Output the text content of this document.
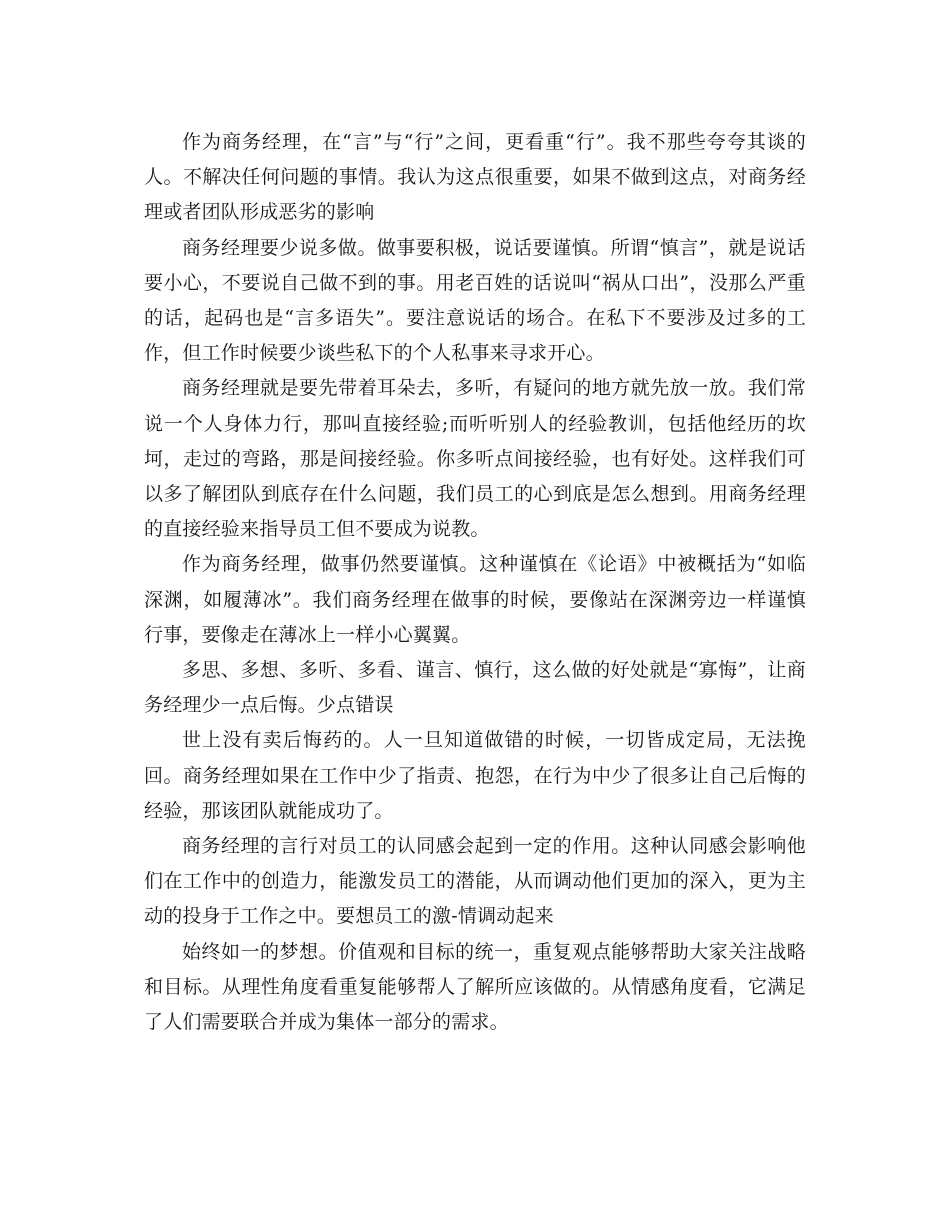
作为商务经理，在“言”与“行”之间，更看重“行”。我不那些夸夸其谈的人。不解决任何问题的事情。我认为这点很重要，如果不做到这点，对商务经理或者团队形成恶劣的影响

商务经理要少说多做。做事要积极，说话要谨慎。所谓“慎言”，就是说话要小心，不要说自己做不到的事。用老百姓的话说叫“祸从口出”，没那么严重的话，起码也是“言多语失”。要注意说话的场合。在私下不要涉及过多的工作，但工作时候要少谈些私下的个人私事来寻求开心。

商务经理就是要先带着耳朵去，多听，有疑问的地方就先放一放。我们常说一个人身体力行，那叫直接经验;而听听别人的经验教训，包括他经历的坎坷，走过的弯路，那是间接经验。你多听点间接经验，也有好处。这样我们可以多了解团队到底存在什么问题，我们员工的心到底是怎么想到。用商务经理的直接经验来指导员工但不要成为说教。

作为商务经理，做事仍然要谨慎。这种谨慎在《论语》中被概括为“如临深渊，如履薄冰”。我们商务经理在做事的时候，要像站在深渊旁边一样谨慎行事，要像走在薄冰上一样小心翼翼。

多思、多想、多听、多看、谨言、慎行，这么做的好处就是“寡悔”，让商务经理少一点后悔。少点错误

世上没有卖后悔药的。人一旦知道做错的时候，一切皆成定局，无法挽回。商务经理如果在工作中少了指责、抱怨，在行为中少了很多让自己后悔的经验，那该团队就能成功了。

商务经理的言行对员工的认同感会起到一定的作用。这种认同感会影响他们在工作中的创造力，能激发员工的潜能，从而调动他们更加的深入，更为主动的投身于工作之中。要想员工的激-情调动起来

始终如一的梦想。价值观和目标的统一，重复观点能够帮助大家关注战略和目标。从理性角度看重复能够帮人了解所应该做的。从情感角度看，它满足了人们需要联合并成为集体一部分的需求。
